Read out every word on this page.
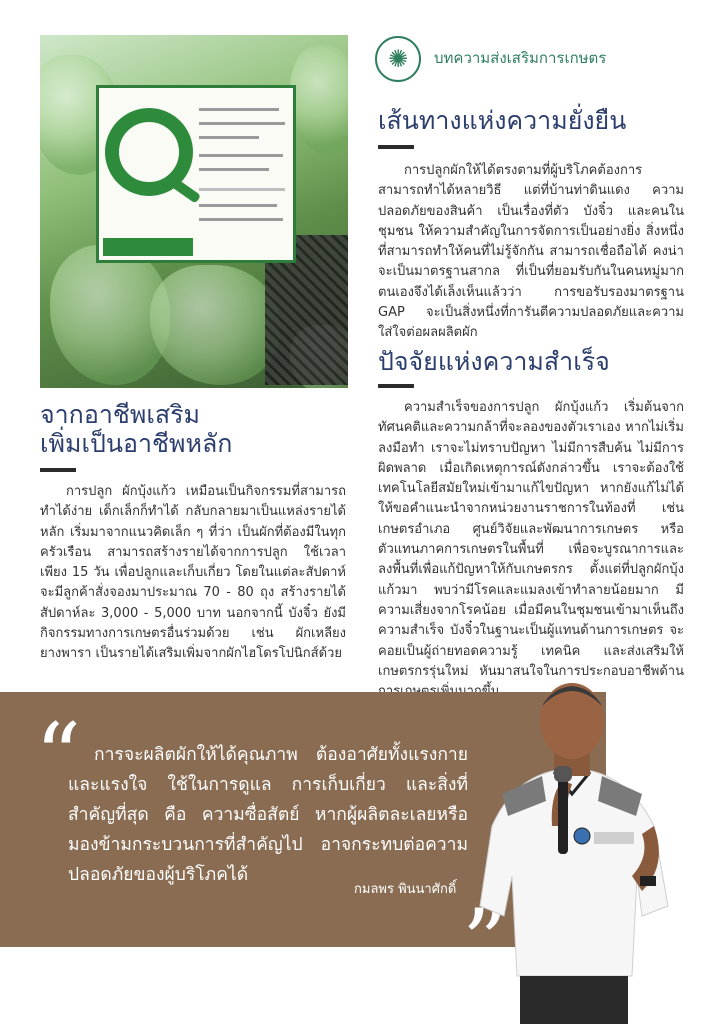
✺	บทความส่งเสริมการเกษตร
เส้นทางแห่งความยั่งยืน

การปลูกผักให้ได้ตรงตามที่ผู้บริโภคต้องการ สามารถทำได้หลายวิธี แต่ที่บ้านท่าดินแดง ความปลอดภัยของสินค้า เป็นเรื่องที่ตัว บังจิ๋ว และคนในชุมชน ให้ความสำคัญในการจัดการเป็นอย่างยิ่ง สิ่งหนึ่งที่สามารถทำให้คนที่ไม่รู้จักกัน สามารถเชื่อถือได้ คงน่าจะเป็นมาตรฐานสากล ที่เป็นที่ยอมรับกันในคนหมู่มาก ตนเองจึงได้เล็งเห็นแล้วว่า การขอรับรองมาตรฐาน GAP จะเป็นสิ่งหนึ่งที่การันตีความปลอดภัยและความใส่ใจต่อผลผลิตผัก

ปัจจัยแห่งความสำเร็จ

ความสำเร็จของการปลูก ผักบุ้งแก้ว เริ่มต้นจากทัศนคติและความกล้าที่จะลองของตัวเราเอง หากไม่เริ่มลงมือทำ เราจะไม่ทราบปัญหา ไม่มีการสืบค้น ไม่มีการผิดพลาด เมื่อเกิดเหตุการณ์ดังกล่าวขึ้น เราจะต้องใช้เทคโนโลยีสมัยใหม่เข้ามาแก้ไขปัญหา หากยังแก้ไม่ได้ ให้ขอคำแนะนำจากหน่วยงานราชการในท้องที่ เช่น เกษตรอำเภอ ศูนย์วิจัยและพัฒนาการเกษตร หรือตัวแทนภาคการเกษตรในพื้นที่ เพื่อจะบูรณาการและลงพื้นที่เพื่อแก้ปัญหาให้กับเกษตรกร ตั้งแต่ที่ปลูกผักบุ้งแก้วมา พบว่ามีโรคและแมลงเข้าทำลายน้อยมาก มีความเสี่ยงจากโรคน้อย เมื่อมีคนในชุมชนเข้ามาเห็นถึงความสำเร็จ บังจิ๋วในฐานะเป็นผู้แทนด้านการเกษตร จะคอยเป็นผู้ถ่ายทอดความรู้ เทคนิค และส่งเสริมให้เกษตรกรรุ่นใหม่ หันมาสนใจในการประกอบอาชีพด้าน

จากอาชีพเสริม
เพิ่มเป็นอาชีพหลัก

การปลูก ผักบุ้งแก้ว เหมือนเป็นกิจกรรมที่สามารถทำได้ง่าย เด็กเล็กก็ทำได้ กลับกลายมาเป็นแหล่งรายได้หลัก เริ่มมาจากแนวคิดเล็ก ๆ ที่ว่า เป็นผักที่ต้องมีในทุกครัวเรือน สามารถสร้างรายได้จากการปลูก ใช้เวลาเพียง 15 วัน เพื่อปลูกและเก็บเกี่ยว โดยในแต่ละสัปดาห์จะมีลูกค้าสั่งจองมาประมาณ 70 - 80 ถุง สร้างรายได้สัปดาห์ละ 3,000 - 5,000 บาท นอกจากนี้ บังจิ๋ว ยังมีกิจกรรมทางการเกษตรอื่นร่วมด้วย เช่น ผักเหลียง ยางพารา เป็นรายได้เสริมเพิ่มจากผักไฮโดรโปนิกส์ด้วย

“ การจะผลิตผักให้ได้คุณภาพ ต้องอาศัยทั้งแรงกายและแรงใจ ใช้ในการดูแล การเก็บเกี่ยว และสิ่งที่สำคัญที่สุด คือ ความซื่อสัตย์ หากผู้ผลิตละเลยหรือมองข้ามกระบวนการที่สำคัญไป อาจกระทบต่อความปลอดภัยของผู้บริโภคได้

กมลพร พินนาศักดิ์
”

ภาพ / เรียบเรียง : นายณัฐวิทย์ ญาณพิสุทธิ์กุล
นักวิชาการส่งเสริมการเกษตรชำนาญการ
สำนักงานเกษตรอำเภอท้ายเหมือง จังหวัดพังงา
